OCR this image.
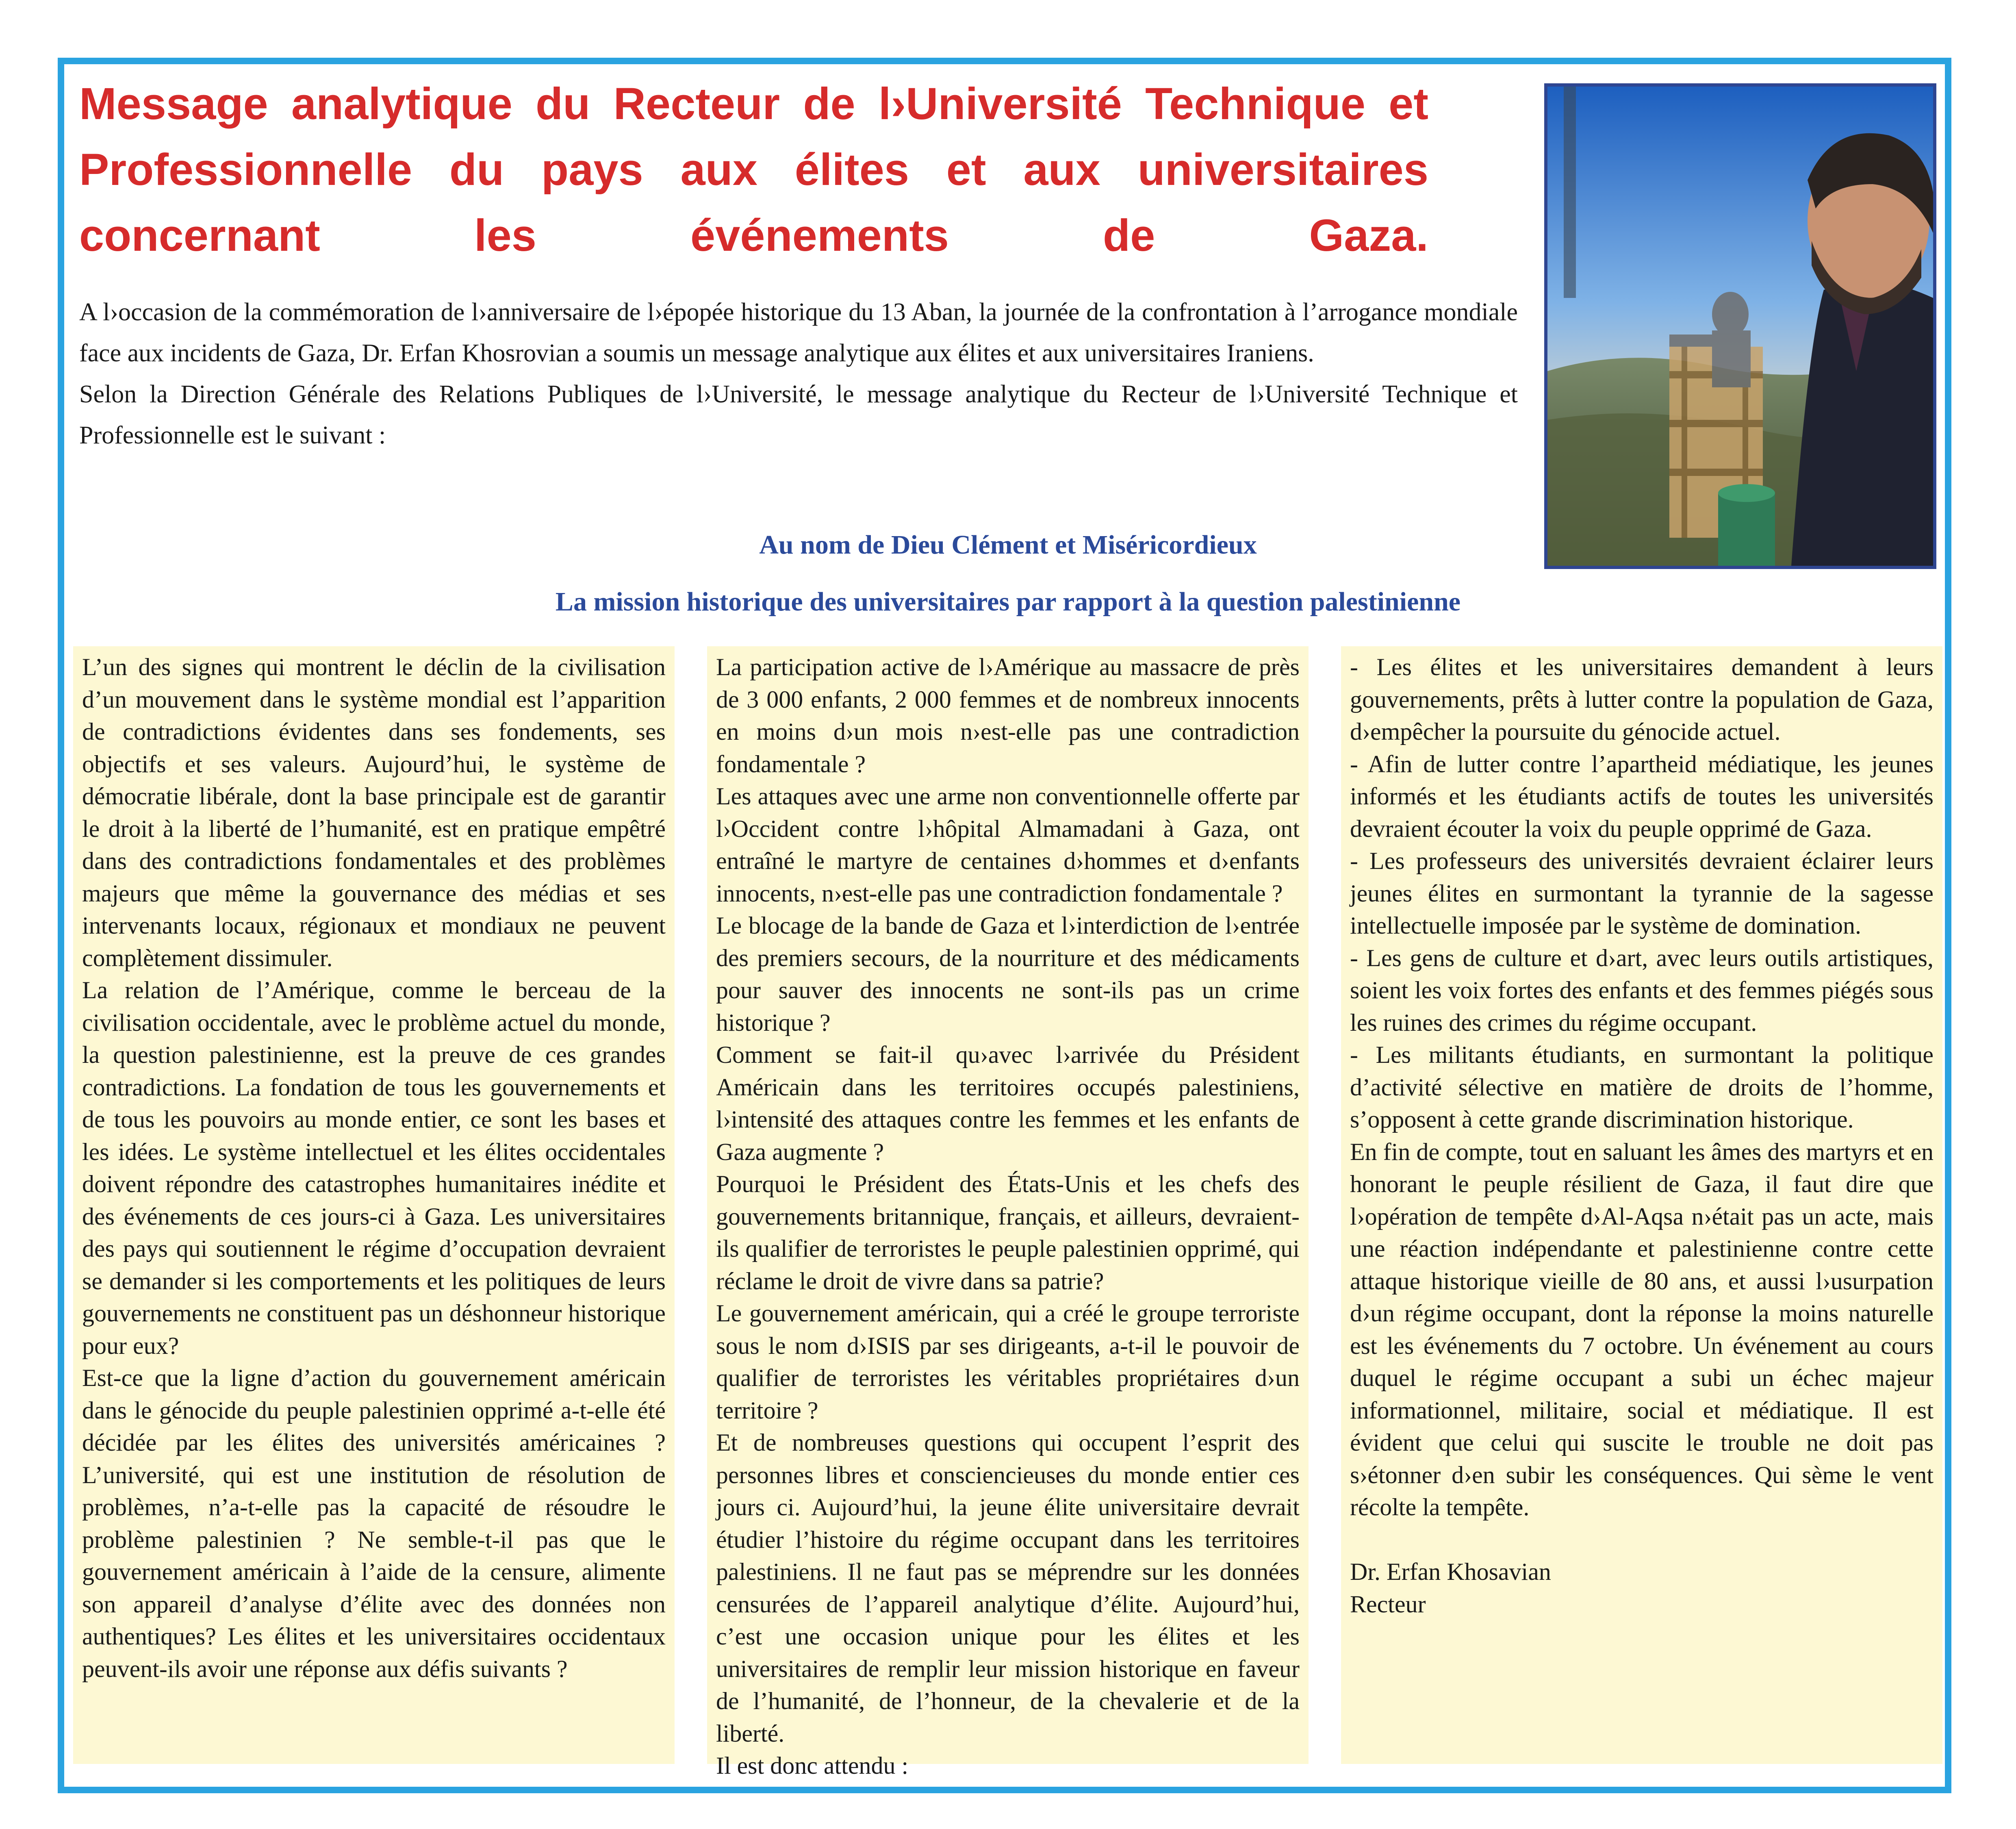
Message analytique du Recteur de l›Université Technique et Professionnelle du pays aux élites et aux universitaires concernant les événements de Gaza.

A l›occasion de la commémoration de l›anniversaire de l›épopée historique du 13 Aban, la journée de la confrontation à l’arrogance mondiale face aux incidents de Gaza, Dr. Erfan Khosrovian a soumis un message analytique aux élites et aux universitaires Iraniens.

Selon la Direction Générale des Relations Publiques de l›Université, le message analytique du Recteur de l›Université Technique et Professionnelle est le suivant :

Au nom de Dieu Clément et Miséricordieux

La mission historique des universitaires par rapport à la question palestinienne

L’un des signes qui montrent le déclin de la civilisation d’un mouvement dans le système mondial est l’apparition de contradictions évidentes dans ses fondements, ses objectifs et ses valeurs. Aujourd’hui, le système de démocratie libérale, dont la base principale est de garantir le droit à la liberté de l’humanité, est en pratique empêtré dans des contradictions fondamentales et des problèmes majeurs que même la gouvernance des médias et ses intervenants locaux, régionaux et mondiaux ne peuvent complètement dissimuler.

La relation de l’Amérique, comme le berceau de la civilisation occidentale, avec le problème actuel du monde, la question palestinienne, est la preuve de ces grandes contradictions. La fondation de tous les gouvernements et de tous les pouvoirs au monde entier, ce sont les bases et les idées. Le système intellectuel et les élites occidentales doivent répondre des catastrophes humanitaires inédite et des événements de ces jours-ci à Gaza. Les universitaires des pays qui soutiennent le régime d’occupation devraient se demander si les comportements et les politiques de leurs gouvernements ne constituent pas un déshonneur historique pour eux?

Est-ce que la ligne d’action du gouvernement américain dans le génocide du peuple palestinien opprimé a-t-elle été décidée par les élites des universités américaines ? L’université, qui est une institution de résolution de problèmes, n’a-t-elle pas la capacité de résoudre le problème palestinien ? Ne semble-t-il pas que le gouvernement américain à l’aide de la censure, alimente son appareil d’analyse d’élite avec des données non authentiques? Les élites et les universitaires occidentaux peuvent-ils avoir une réponse aux défis suivants ?

La participation active de l›Amérique au massacre de près de 3 000 enfants, 2 000 femmes et de nombreux innocents en moins d›un mois n›est-elle pas une contradiction fondamentale ?

Les attaques avec une arme non conventionnelle offerte par l›Occident contre l›hôpital Almamadani à Gaza, ont entraîné le martyre de centaines d›hommes et d›enfants innocents, n›est-elle pas une contradiction fondamentale ?

Le blocage de la bande de Gaza et l›interdiction de l›entrée des premiers secours, de la nourriture et des médicaments pour sauver des innocents ne sont-ils pas un crime historique ?

Comment se fait-il qu›avec l›arrivée du Président Américain dans les territoires occupés palestiniens, l›intensité des attaques contre les femmes et les enfants de Gaza augmente ?

Pourquoi le Président des États-Unis et les chefs des gouvernements britannique, français, et ailleurs, devraient-ils qualifier de terroristes le peuple palestinien opprimé, qui réclame le droit de vivre dans sa patrie?

Le gouvernement américain, qui a créé le groupe terroriste sous le nom d›ISIS par ses dirigeants, a-t-il le pouvoir de qualifier de terroristes les véritables propriétaires d›un territoire ?

Et de nombreuses questions qui occupent l’esprit des personnes libres et consciencieuses du monde entier ces jours ci. Aujourd’hui, la jeune élite universitaire devrait étudier l’histoire du régime occupant dans les territoires palestiniens. Il ne faut pas se méprendre sur les données censurées de l’appareil analytique d’élite. Aujourd’hui, c’est une occasion unique pour les élites et les universitaires de remplir leur mission historique en faveur de l’humanité, de l’honneur, de la chevalerie et de la liberté.

Il est donc attendu :

- Les élites et les universitaires demandent à leurs gouvernements, prêts à lutter contre la population de Gaza, d›empêcher la poursuite du génocide actuel.

- Afin de lutter contre l’apartheid médiatique, les jeunes informés et les étudiants actifs de toutes les universités devraient écouter la voix du peuple opprimé de Gaza.

- Les professeurs des universités devraient éclairer leurs jeunes élites en surmontant la tyrannie de la sagesse intellectuelle imposée par le système de domination.

- Les gens de culture et d›art, avec leurs outils artistiques, soient les voix fortes des enfants et des femmes piégés sous les ruines des crimes du régime occupant.

- Les militants étudiants, en surmontant la politique d’activité sélective en matière de droits de l’homme, s’opposent à cette grande discrimination historique.

En fin de compte, tout en saluant les âmes des martyrs et en honorant le peuple résilient de Gaza, il faut dire que l›opération de tempête d›Al-Aqsa n›était pas un acte, mais une réaction indépendante et palestinienne contre cette attaque historique vieille de 80 ans, et aussi l›usurpation d›un régime occupant, dont la réponse la moins naturelle est les événements du 7 octobre. Un événement au cours duquel le régime occupant a subi un échec majeur informationnel, militaire, social et médiatique. Il est évident que celui qui suscite le trouble ne doit pas s›étonner d›en subir les conséquences. Qui sème le vent récolte la tempête.

Dr. Erfan Khosavian

Recteur
